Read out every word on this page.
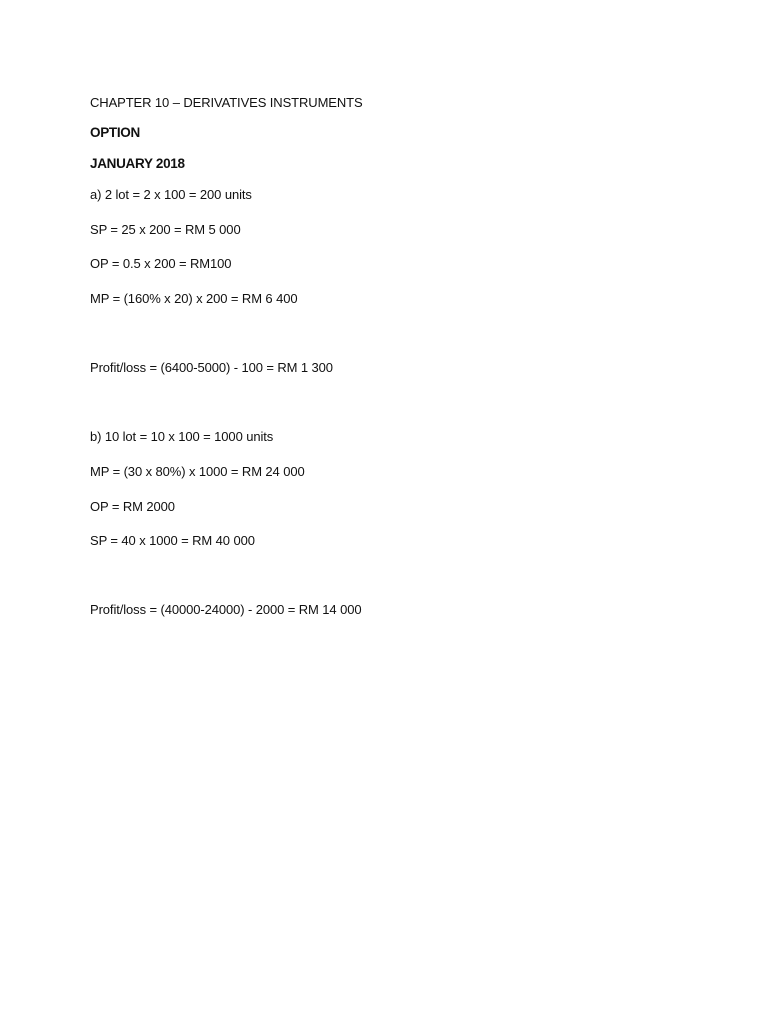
CHAPTER 10 – DERIVATIVES INSTRUMENTS
OPTION
JANUARY 2018
a) 2 lot = 2 x 100 = 200 units
SP = 25 x 200 = RM 5 000
OP = 0.5 x 200 = RM100
MP = (160% x 20) x 200 = RM 6 400
Profit/loss = (6400-5000) - 100 = RM 1 300
b) 10 lot = 10 x 100 = 1000 units
MP = (30 x 80%) x 1000 = RM 24 000
OP = RM 2000
SP = 40 x 1000 = RM 40 000
Profit/loss = (40000-24000) - 2000 = RM 14 000
